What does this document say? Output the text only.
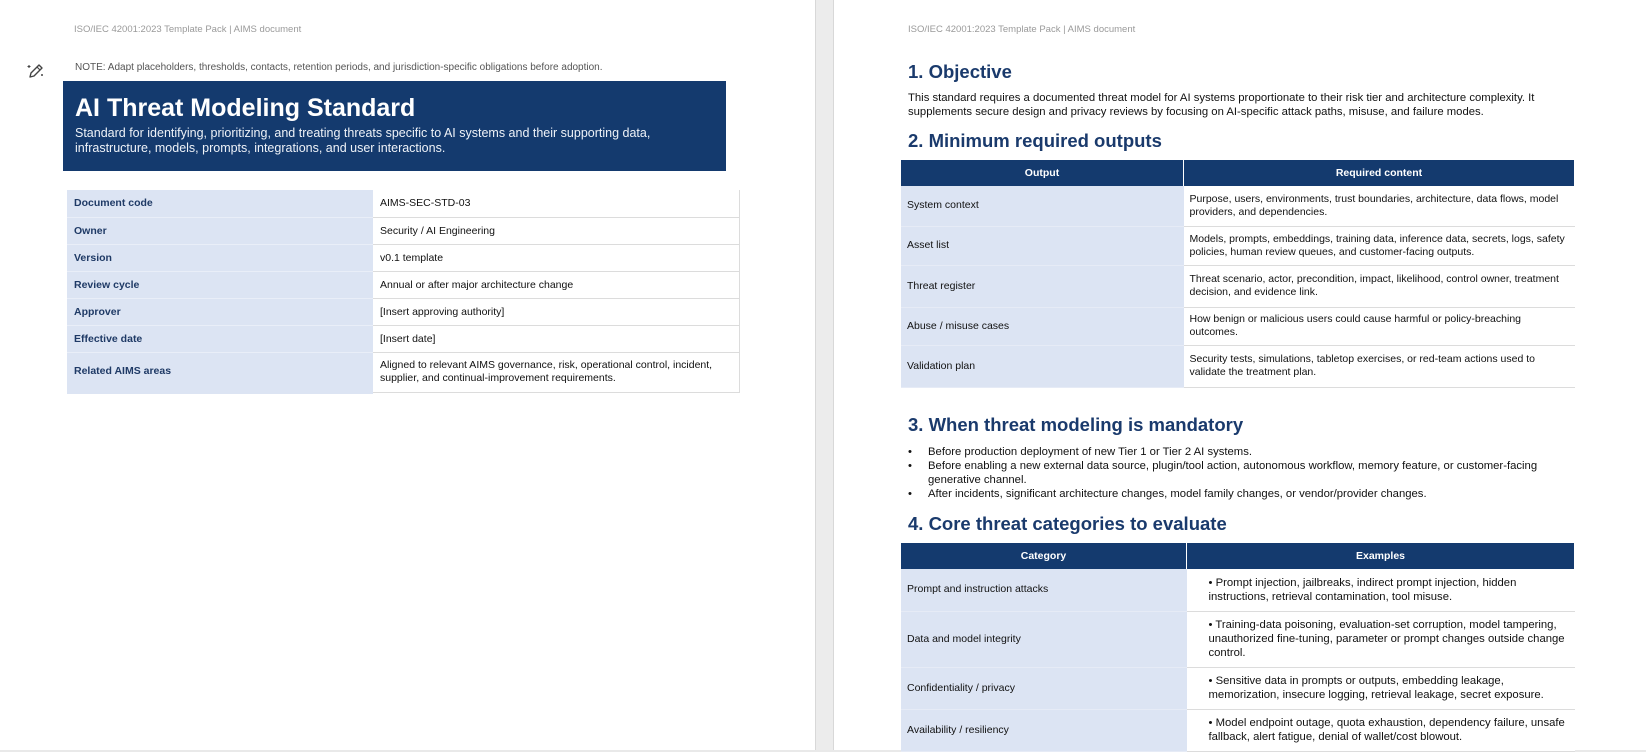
ISO/IEC 42001:2023 Template Pack | AIMS document
NOTE: Adapt placeholders, thresholds, contacts, retention periods, and jurisdiction-specific obligations before adoption.
AI Threat Modeling Standard

Standard for identifying, prioritizing, and treating threats specific to AI systems and their supporting data, infrastructure, models, prompts, integrations, and user interactions.

Document code	AIMS-SEC-STD-03
Owner	Security / AI Engineering
Version	v0.1 template
Review cycle	Annual or after major architecture change
Approver	[Insert approving authority]
Effective date	[Insert date]
Related AIMS areas	Aligned to relevant AIMS governance, risk, operational control, incident, supplier, and continual-improvement requirements.
ISO/IEC 42001:2023 Template Pack | AIMS document
1. Objective
This standard requires a documented threat model for AI systems proportionate to their risk tier and architecture complexity. It supplements secure design and privacy reviews by focusing on AI-specific attack paths, misuse, and failure modes.
2. Minimum required outputs
Output	Required content
System context	Purpose, users, environments, trust boundaries, architecture, data flows, model providers, and dependencies.
Asset list	Models, prompts, embeddings, training data, inference data, secrets, logs, safety policies, human review queues, and customer-facing outputs.
Threat register	Threat scenario, actor, precondition, impact, likelihood, control owner, treatment decision, and evidence link.
Abuse / misuse cases	How benign or malicious users could cause harmful or policy-breaching outcomes.
Validation plan	Security tests, simulations, tabletop exercises, or red-team actions used to validate the treatment plan.
3. When threat modeling is mandatory
• Before production deployment of new Tier 1 or Tier 2 AI systems.
• Before enabling a new external data source, plugin/tool action, autonomous workflow, memory feature, or customer-facing generative channel.
• After incidents, significant architecture changes, model family changes, or vendor/provider changes.
4. Core threat categories to evaluate
Category	Examples
Prompt and instruction attacks	• Prompt injection, jailbreaks, indirect prompt injection, hidden instructions, retrieval contamination, tool misuse.
Data and model integrity	• Training-data poisoning, evaluation-set corruption, model tampering, unauthorized fine-tuning, parameter or prompt changes outside change control.
Confidentiality / privacy	• Sensitive data in prompts or outputs, embedding leakage, memorization, insecure logging, retrieval leakage, secret exposure.
Availability / resiliency	• Model endpoint outage, quota exhaustion, dependency failure, unsafe fallback, alert fatigue, denial of wallet/cost blowout.
